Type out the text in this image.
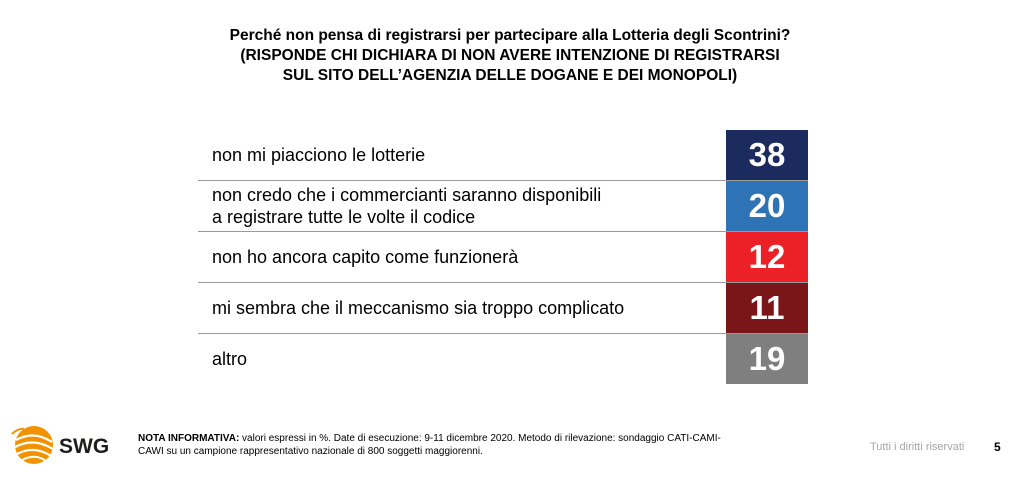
Perché non pensa di registrarsi per partecipare alla Lotteria degli Scontrini?
(RISPONDE CHI DICHIARA DI NON AVERE INTENZIONE DI REGISTRARSI
SUL SITO DELL’AGENZIA DELLE DOGANE E DEI MONOPOLI)
non mi piacciono le lotterie	38
non credo che i commercianti saranno disponibili
a registrare tutte le volte il codice	20
non ho ancora capito come funzionerà	12
mi sembra che il meccanismo sia troppo complicato	11
altro	19
SWG	NOTA INFORMATIVA: valori espressi in %. Date di esecuzione: 9-11 dicembre 2020. Metodo di rilevazione: sondaggio CATI-CAMI-
CAWI su un campione rappresentativo nazionale di 800 soggetti maggiorenni.	Tutti i diritti riservati 5
